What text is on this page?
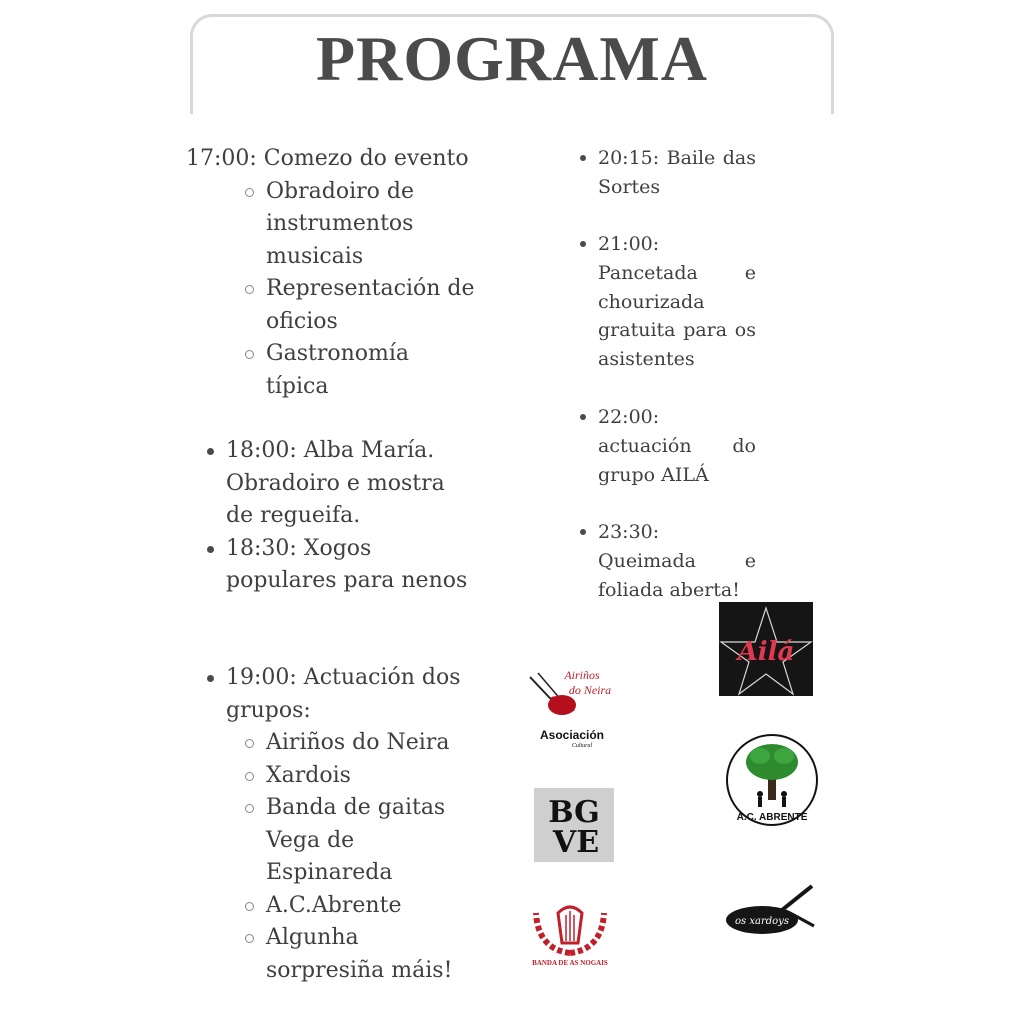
PROGRAMA

17:00: Comezo do evento

Obradoiro de instrumentos musicais
Representación de oficios
Gastronomía típica
18:00: Alba María. Obradoiro e mostra de regueifa.
18:30: Xogos populares para nenos
19:00: Actuación dos grupos:
Airiños do Neira
Xardois
Banda de gaitas Vega de Espinareda
A.C.Abrente
Algunha sorpresiña máis!
20:15: Baile das Sortes
21:00: Pancetada e chourizada gratuita para os asistentes
22:00: actuación do grupo AILÁ
23:30: Queimada e foliada aberta!
Airiños
do Neira
Asociación
Cultural
Ailá
A.C. ABRENTE
BG
VE
BANDA DE AS NOGAIS
os xardoys
